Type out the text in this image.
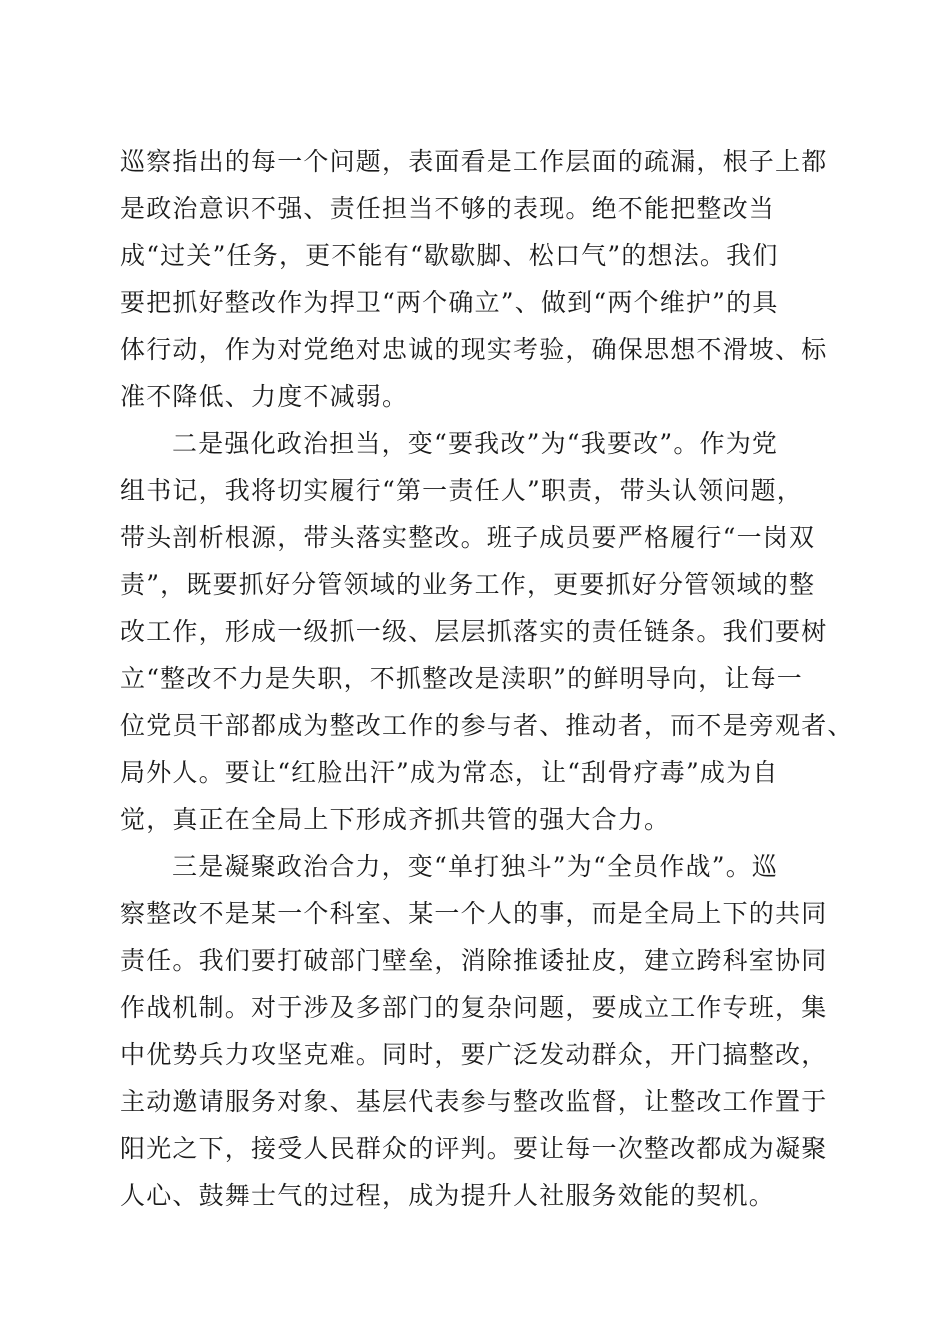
巡察指出的每一个问题，表面看是工作层面的疏漏，根子上都
是政治意识不强、责任担当不够的表现。绝不能把整改当
成“过关”任务，更不能有“歇歇脚、松口气”的想法。我们
要把抓好整改作为捍卫“两个确立”、做到“两个维护”的具
体行动，作为对党绝对忠诚的现实考验，确保思想不滑坡、标
准不降低、力度不减弱。
二是强化政治担当，变“要我改”为“我要改”。作为党
组书记，我将切实履行“第一责任人”职责，带头认领问题，
带头剖析根源，带头落实整改。班子成员要严格履行“一岗双
责”，既要抓好分管领域的业务工作，更要抓好分管领域的整
改工作，形成一级抓一级、层层抓落实的责任链条。我们要树
立“整改不力是失职，不抓整改是渎职”的鲜明导向，让每一
位党员干部都成为整改工作的参与者、推动者，而不是旁观者、
局外人。要让“红脸出汗”成为常态，让“刮骨疗毒”成为自
觉，真正在全局上下形成齐抓共管的强大合力。
三是凝聚政治合力，变“单打独斗”为“全员作战”。巡
察整改不是某一个科室、某一个人的事，而是全局上下的共同
责任。我们要打破部门壁垒，消除推诿扯皮，建立跨科室协同
作战机制。对于涉及多部门的复杂问题，要成立工作专班，集
中优势兵力攻坚克难。同时，要广泛发动群众，开门搞整改，
主动邀请服务对象、基层代表参与整改监督，让整改工作置于
阳光之下，接受人民群众的评判。要让每一次整改都成为凝聚
人心、鼓舞士气的过程，成为提升人社服务效能的契机。
